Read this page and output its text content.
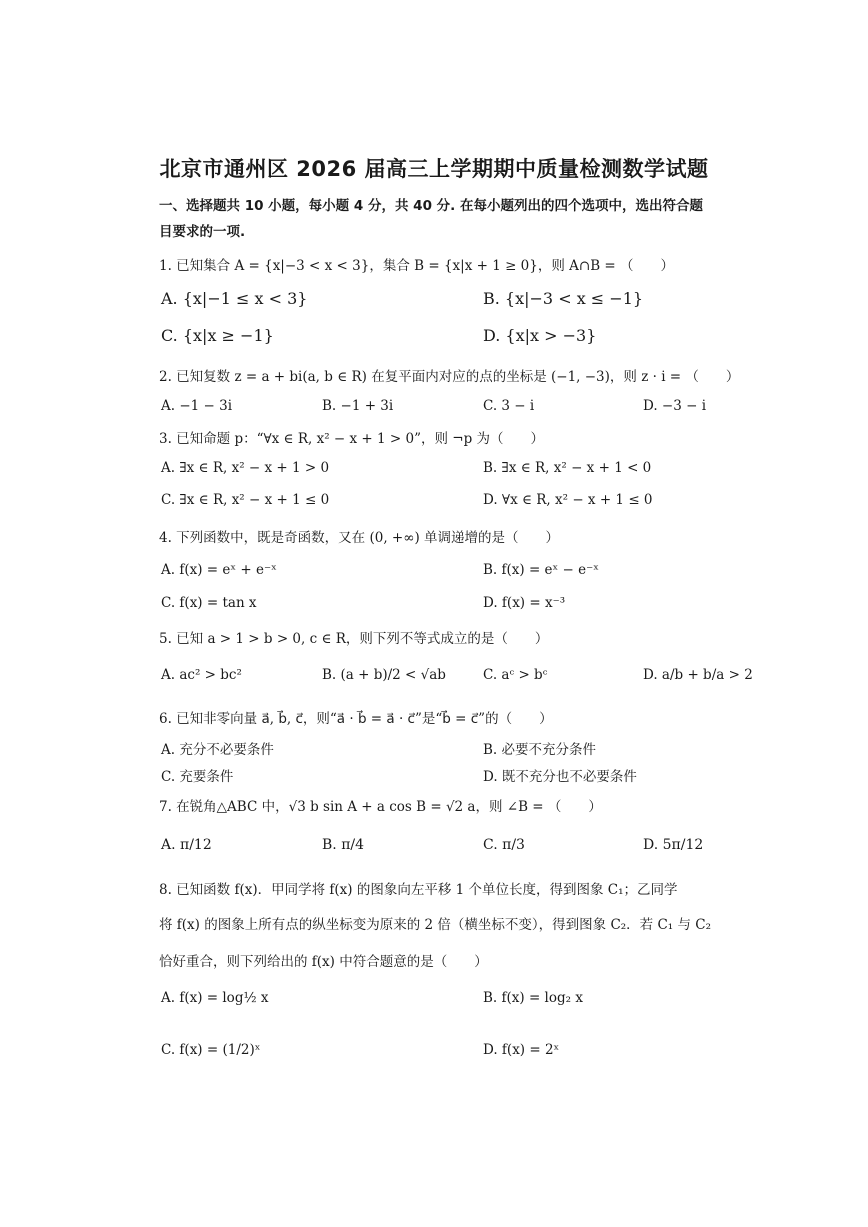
北京市通州区 2026 届高三上学期期中质量检测数学试题
一、选择题共 10 小题，每小题 4 分，共 40 分. 在每小题列出的四个选项中，选出符合题目要求的一项.
1. 已知集合 A = {x|−3 < x < 3}，集合 B = {x|x + 1 ≥ 0}，则 A∩B = （　　）
A. {x|−1 ≤ x < 3}	B. {x|−3 < x ≤ −1}
C. {x|x ≥ −1}	D. {x|x > −3}
2. 已知复数 z = a + bi(a, b ∈ R) 在复平面内对应的点的坐标是 (−1, −3)，则 z · i = （　　）
A. −1 − 3i	B. −1 + 3i	C. 3 − i	D. −3 − i
3. 已知命题 p：“∀x ∈ R, x² − x + 1 > 0”，则 ¬p 为（　　）
A. ∃x ∈ R, x² − x + 1 > 0	B. ∃x ∈ R, x² − x + 1 < 0
C. ∃x ∈ R, x² − x + 1 ≤ 0	D. ∀x ∈ R, x² − x + 1 ≤ 0
4. 下列函数中，既是奇函数，又在 (0, +∞) 单调递增的是（　　）
A. f(x) = eˣ + e⁻ˣ	B. f(x) = eˣ − e⁻ˣ
C. f(x) = tan x	D. f(x) = x⁻³
5. 已知 a > 1 > b > 0, c ∈ R，则下列不等式成立的是（　　）
A. ac² > bc²	B. (a + b)/2 < √ab	C. aᶜ > bᶜ	D. a/b + b/a > 2
6. 已知非零向量 a⃗, b⃗, c⃗，则“a⃗ · b⃗ = a⃗ · c⃗”是“b⃗ = c⃗”的（　　）
A. 充分不必要条件	B. 必要不充分条件
C. 充要条件	D. 既不充分也不必要条件
7. 在锐角△ABC 中，√3 b sin A + a cos B = √2 a，则 ∠B = （　　）
A. π/12	B. π/4	C. π/3	D. 5π/12
8. 已知函数 f(x)．甲同学将 f(x) 的图象向左平移 1 个单位长度，得到图象 C₁；乙同学
将 f(x) 的图象上所有点的纵坐标变为原来的 2 倍（横坐标不变），得到图象 C₂．若 C₁ 与 C₂
恰好重合，则下列给出的 f(x) 中符合题意的是（　　）
A. f(x) = log½ x	B. f(x) = log₂ x
C. f(x) = (1/2)ˣ	D. f(x) = 2ˣ
